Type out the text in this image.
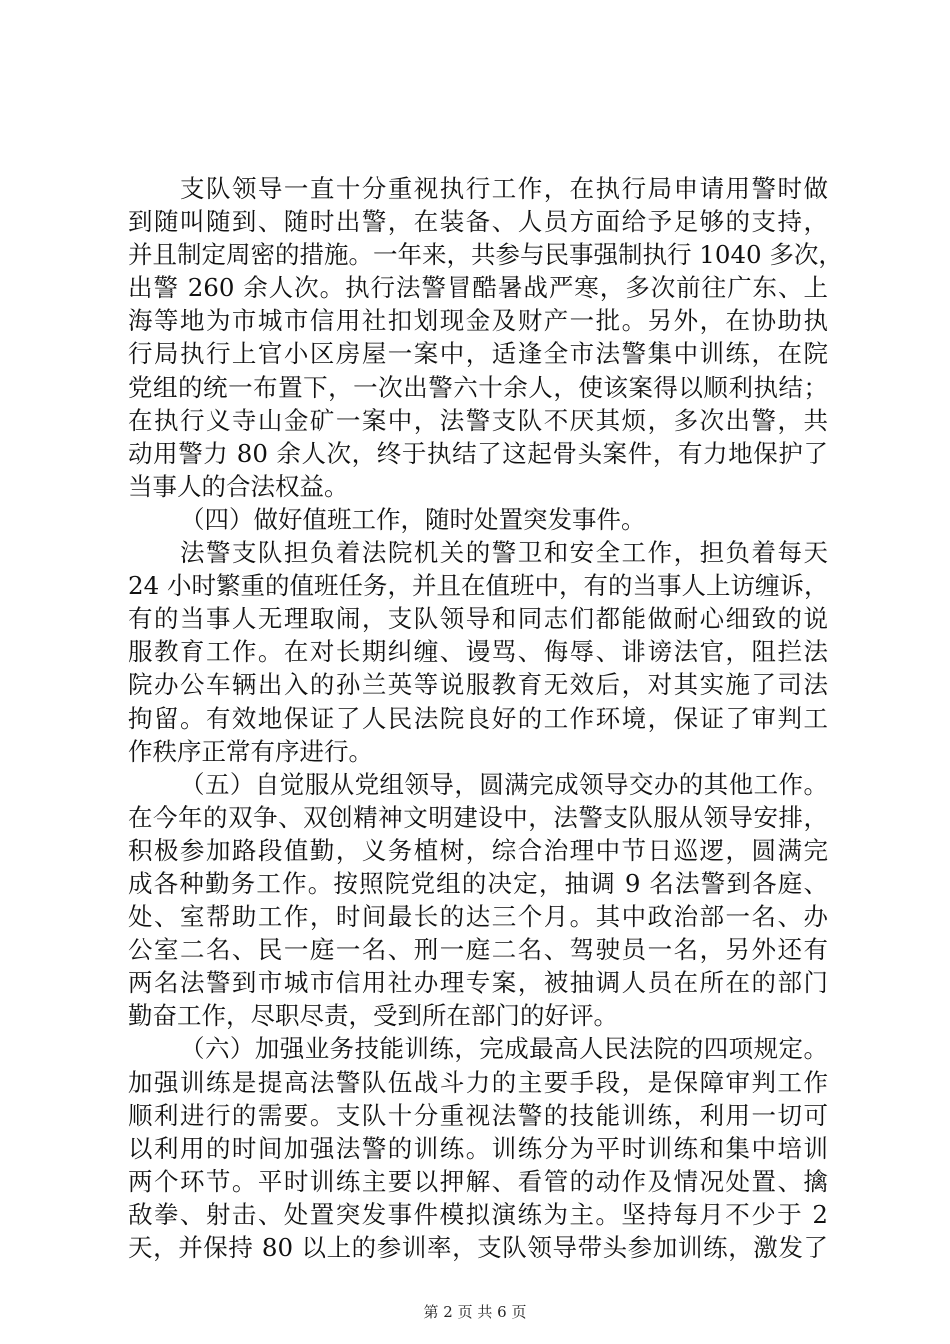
支队领导一直十分重视执行工作，在执行局申请用警时做
到随叫随到、随时出警，在装备、人员方面给予足够的支持，
并且制定周密的措施。一年来，共参与民事强制执行 1040 多次，
出警 260 余人次。执行法警冒酷暑战严寒，多次前往广东、上
海等地为市城市信用社扣划现金及财产一批。另外，在协助执
行局执行上官小区房屋一案中，适逢全市法警集中训练，在院
党组的统一布置下，一次出警六十余人，使该案得以顺利执结；
在执行义寺山金矿一案中，法警支队不厌其烦，多次出警，共
动用警力 80 余人次，终于执结了这起骨头案件，有力地保护了
当事人的合法权益。
（四）做好值班工作，随时处置突发事件。
法警支队担负着法院机关的警卫和安全工作，担负着每天
24 小时繁重的值班任务，并且在值班中，有的当事人上访缠诉，
有的当事人无理取闹，支队领导和同志们都能做耐心细致的说
服教育工作。在对长期纠缠、谩骂、侮辱、诽谤法官，阻拦法
院办公车辆出入的孙兰英等说服教育无效后，对其实施了司法
拘留。有效地保证了人民法院良好的工作环境，保证了审判工
作秩序正常有序进行。
（五）自觉服从党组领导，圆满完成领导交办的其他工作。
在今年的双争、双创精神文明建设中，法警支队服从领导安排，
积极参加路段值勤，义务植树，综合治理中节日巡逻，圆满完
成各种勤务工作。按照院党组的决定，抽调 9 名法警到各庭、
处、室帮助工作，时间最长的达三个月。其中政治部一名、办
公室二名、民一庭一名、刑一庭二名、驾驶员一名，另外还有
两名法警到市城市信用社办理专案，被抽调人员在所在的部门
勤奋工作，尽职尽责，受到所在部门的好评。
（六）加强业务技能训练，完成最高人民法院的四项规定。
加强训练是提高法警队伍战斗力的主要手段，是保障审判工作
顺利进行的需要。支队十分重视法警的技能训练，利用一切可
以利用的时间加强法警的训练。训练分为平时训练和集中培训
两个环节。平时训练主要以押解、看管的动作及情况处置、擒
敌拳、射击、处置突发事件模拟演练为主。坚持每月不少于 2
天，并保持 80 以上的参训率，支队领导带头参加训练，激发了
第 2 页 共 6 页
